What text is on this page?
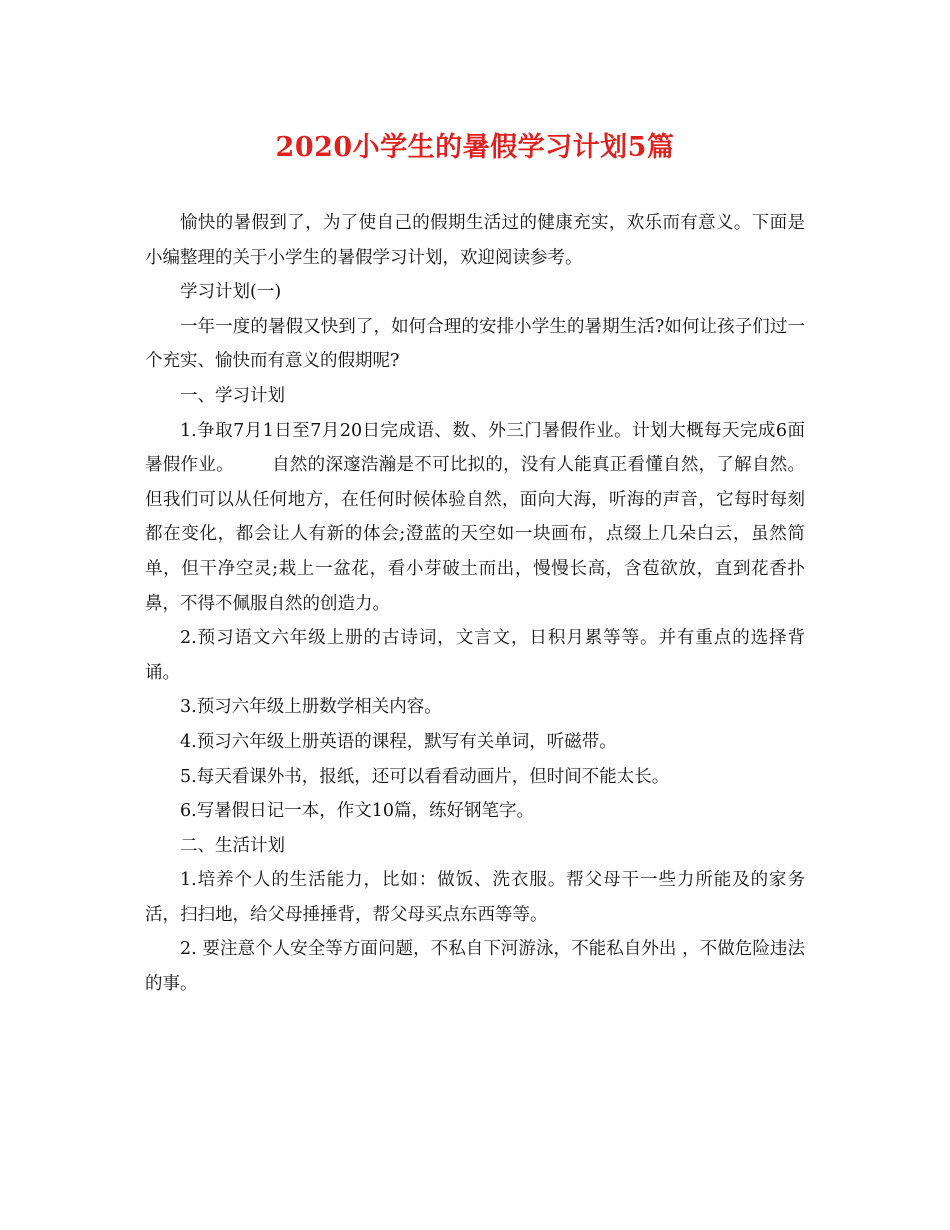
2020小学生的暑假学习计划5篇

愉快的暑假到了，为了使自己的假期生活过的健康充实，欢乐而有意义。下面是小编整理的关于小学生的暑假学习计划，欢迎阅读参考。

学习计划(一)

一年一度的暑假又快到了，如何合理的安排小学生的暑期生活?如何让孩子们过一个充实、愉快而有意义的假期呢?

一、学习计划

1.争取7月1日至7月20日完成语、数、外三门暑假作业。计划大概每天完成6面暑假作业。 自然的深邃浩瀚是不可比拟的，没有人能真正看懂自然，了解自然。但我们可以从任何地方，在任何时候体验自然，面向大海，听海的声音，它每时每刻都在变化，都会让人有新的体会;澄蓝的天空如一块画布，点缀上几朵白云，虽然简单，但干净空灵;栽上一盆花，看小芽破土而出，慢慢长高，含苞欲放，直到花香扑鼻，不得不佩服自然的创造力。

2.预习语文六年级上册的古诗词，文言文，日积月累等等。并有重点的选择背诵。

3.预习六年级上册数学相关内容。

4.预习六年级上册英语的课程，默写有关单词，听磁带。

5.每天看课外书，报纸，还可以看看动画片，但时间不能太长。

6.写暑假日记一本，作文10篇，练好钢笔字。

二、生活计划

1.培养个人的生活能力，比如：做饭、洗衣服。帮父母干一些力所能及的家务活，扫扫地，给父母捶捶背，帮父母买点东西等等。

2. 要注意个人安全等方面问题，不私自下河游泳，不能私自外出 ，不做危险违法的事。
